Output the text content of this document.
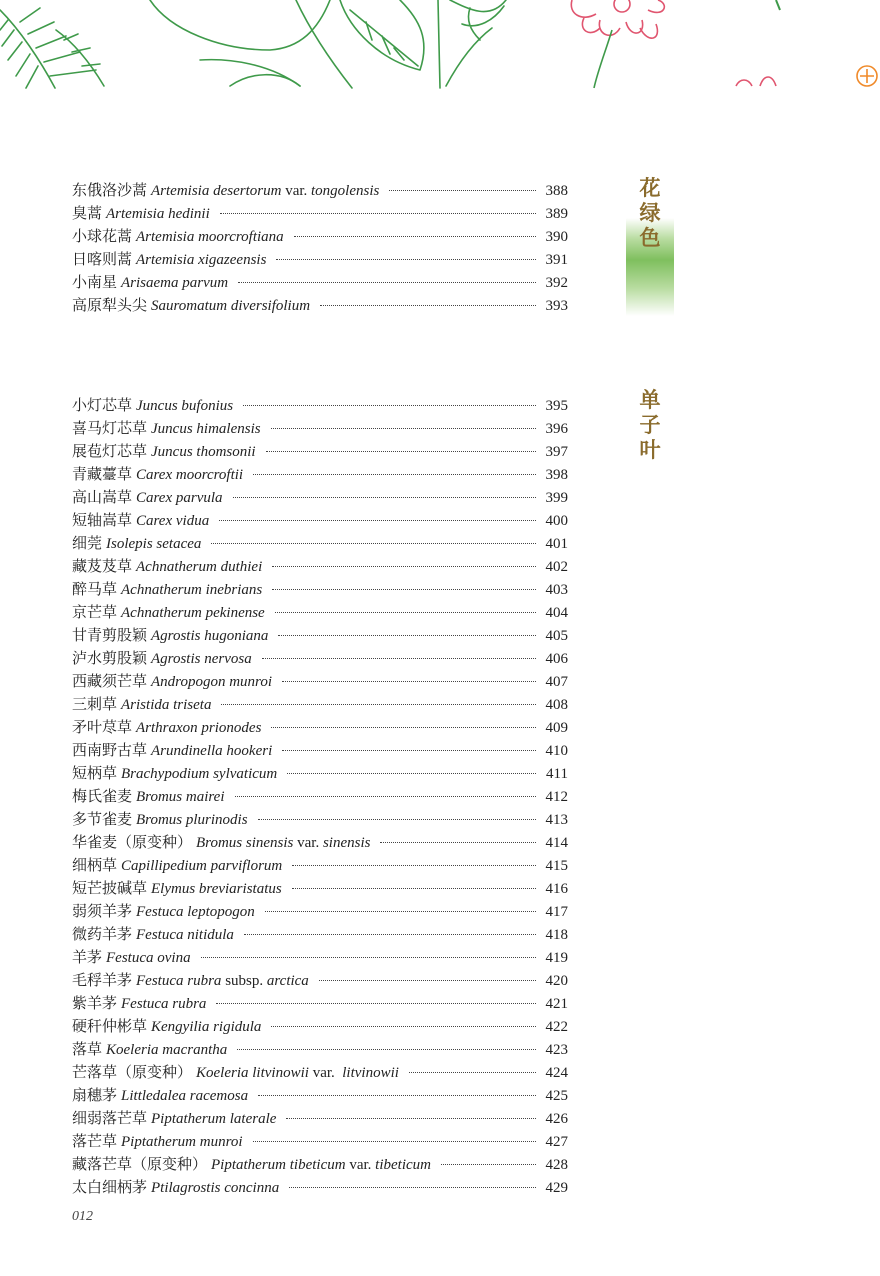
东俄洛沙蒿 Artemisia desertorum var. tongolensis	388
臭蒿 Artemisia hedinii	389
小球花蒿 Artemisia moorcroftiana	390
日喀则蒿 Artemisia xigazeensis	391
小南星 Arisaema parvum	392
高原犁头尖 Sauromatum diversifolium	393
小灯芯草 Juncus bufonius	395
喜马灯芯草 Juncus himalensis	396
展苞灯芯草 Juncus thomsonii	397
青藏薹草 Carex moorcroftii	398
高山嵩草 Carex parvula	399
短轴嵩草 Carex vidua	400
细莞 Isolepis setacea	401
藏芨芨草 Achnatherum duthiei	402
醉马草 Achnatherum inebrians	403
京芒草 Achnatherum pekinense	404
甘青剪股颖 Agrostis hugoniana	405
泸水剪股颖 Agrostis nervosa	406
西藏须芒草 Andropogon munroi	407
三刺草 Aristida triseta	408
矛叶荩草 Arthraxon prionodes	409
西南野古草 Arundinella hookeri	410
短柄草 Brachypodium sylvaticum	411
梅氏雀麦 Bromus mairei	412
多节雀麦 Bromus plurinodis	413
华雀麦（原变种） Bromus sinensis var. sinensis	414
细柄草 Capillipedium parviflorum	415
短芒披碱草 Elymus breviaristatus	416
弱须羊茅 Festuca leptopogon	417
微药羊茅 Festuca nitidula	418
羊茅 Festuca ovina	419
毛稃羊茅 Festuca rubra subsp. arctica	420
紫羊茅 Festuca rubra	421
硬秆仲彬草 Kengyilia rigidula	422
落草 Koeleria macrantha	423
芒落草（原变种） Koeleria litvinowii var.  litvinowii	424
扇穗茅 Littledalea racemosa	425
细弱落芒草 Piptatherum laterale	426
落芒草 Piptatherum munroi	427
藏落芒草（原变种） Piptatherum tibeticum var. tibeticum	428
太白细柄茅 Ptilagrostis concinna	429
花
绿
色
单
子
叶
012
